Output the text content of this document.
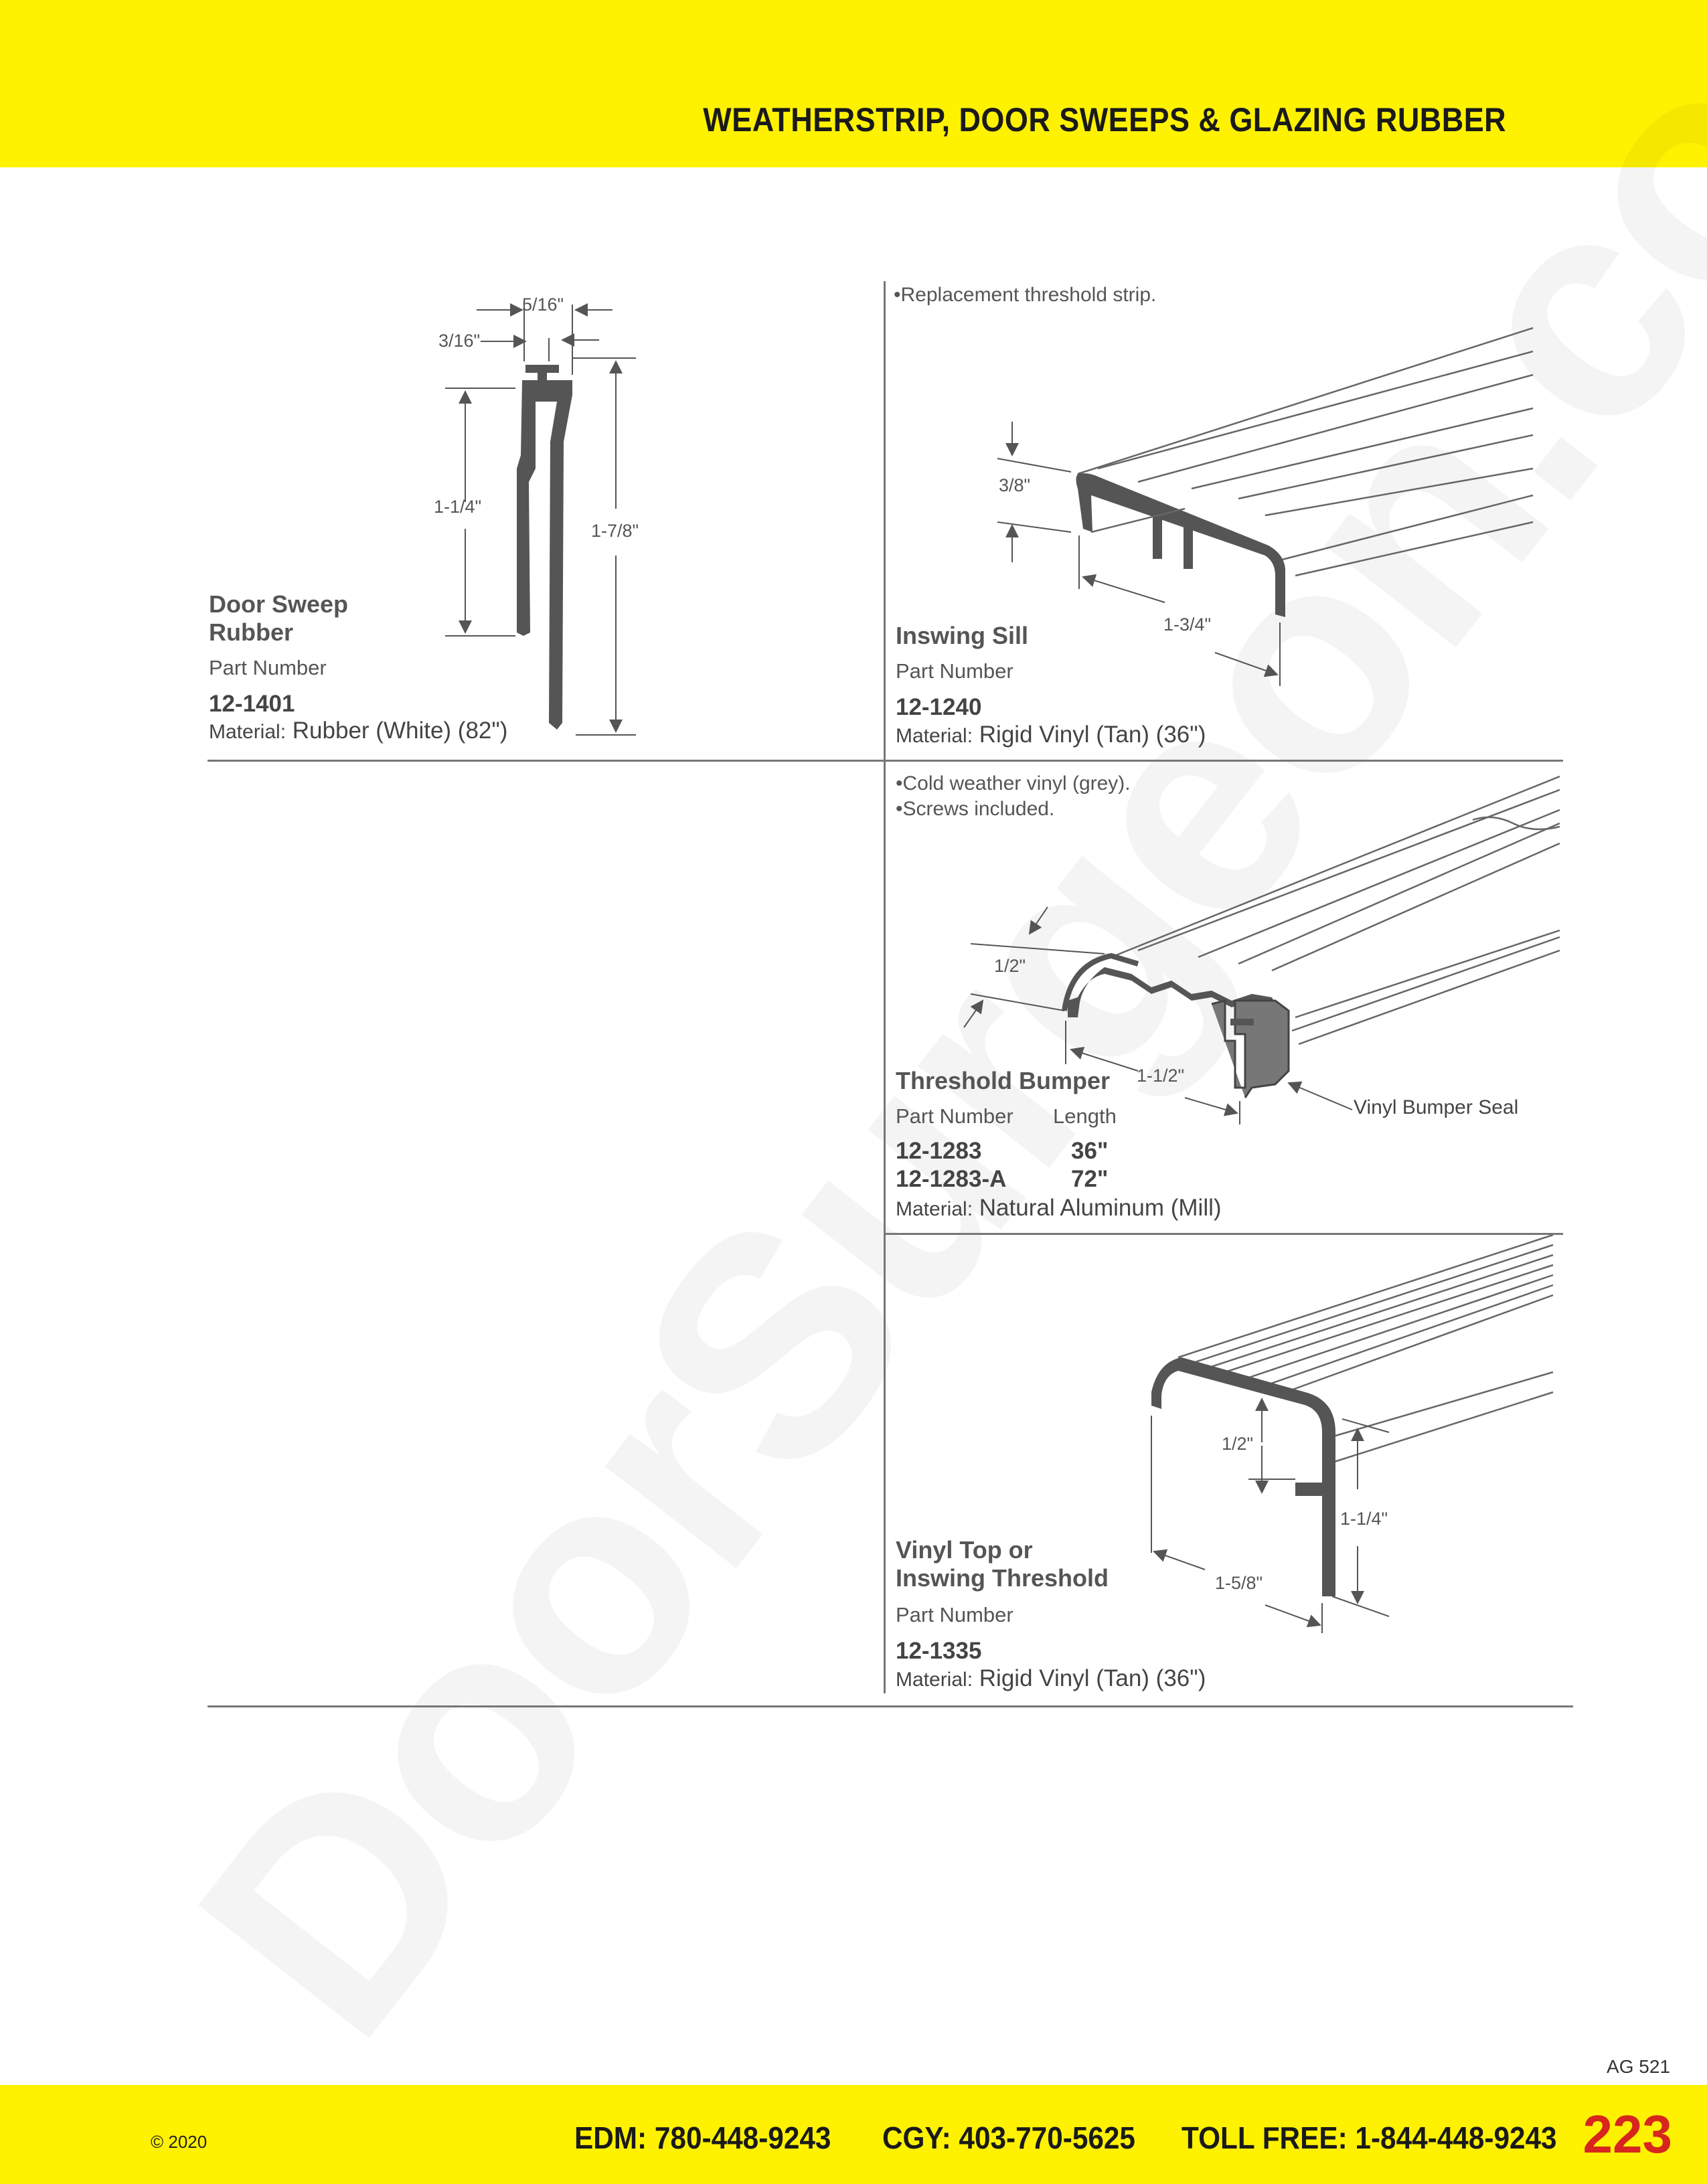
WEATHERSTRIP, DOOR SWEEPS & GLAZING RUBBER
5/16"
3/16"
1-1/4"
1-7/8"
Door Sweep
Rubber
Part Number
12-1401
Material: Rubber (White) (82")
•Replacement threshold strip.
3/8"
1-3/4"
Inswing Sill
Part Number
12-1240
Material: Rigid Vinyl (Tan) (36")
•Cold weather vinyl (grey).
•Screws included.
1/2"
1-1/2"
Vinyl Bumper Seal
Threshold Bumper
Part Number Length
12-1283	36"
12-1283-A	72"
Material: Natural Aluminum (Mill)
1/2"
1-1/4"
1-5/8"
Vinyl Top or
Inswing Threshold
Part Number
12-1335
Material: Rigid Vinyl (Tan) (36")
AG 521
© 2020	EDM: 780-448-9243 CGY: 403-770-5625 TOLL FREE: 1-844-448-9243 223
